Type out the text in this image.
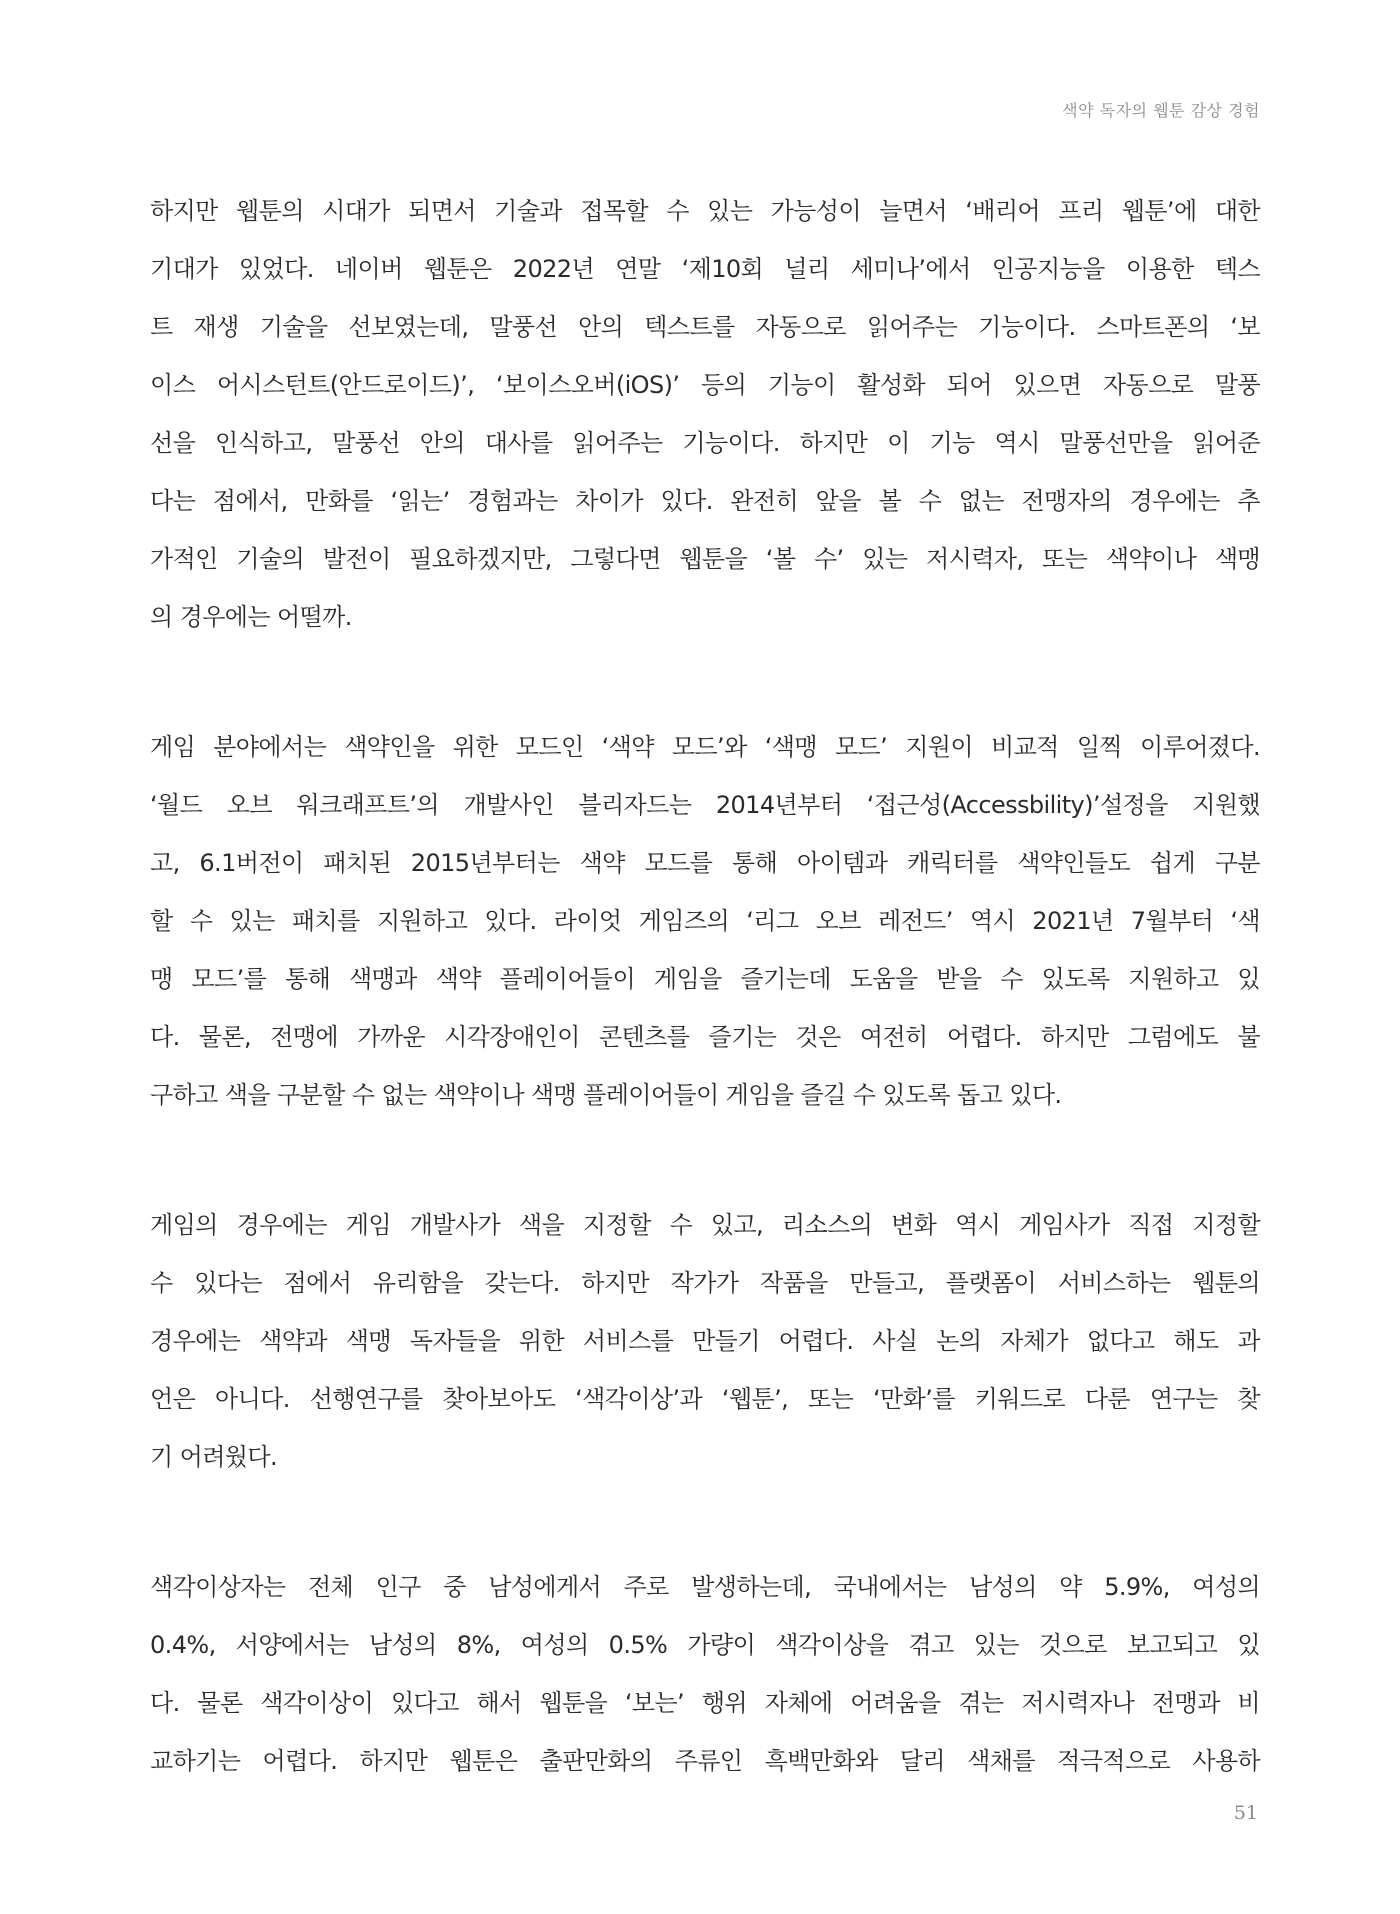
색약 독자의 웹툰 감상 경험
하지만 웹툰의 시대가 되면서 기술과 접목할 수 있는 가능성이 늘면서 ‘배리어 프리 웹툰’에 대한
기대가 있었다. 네이버 웹툰은 2022년 연말 ‘제10회 널리 세미나’에서 인공지능을 이용한 텍스
트 재생 기술을 선보였는데, 말풍선 안의 텍스트를 자동으로 읽어주는 기능이다. 스마트폰의 ‘보
이스 어시스턴트(안드로이드)’, ‘보이스오버(iOS)’ 등의 기능이 활성화 되어 있으면 자동으로 말풍
선을 인식하고, 말풍선 안의 대사를 읽어주는 기능이다. 하지만 이 기능 역시 말풍선만을 읽어준
다는 점에서, 만화를 ‘읽는’ 경험과는 차이가 있다. 완전히 앞을 볼 수 없는 전맹자의 경우에는 추
가적인 기술의 발전이 필요하겠지만, 그렇다면 웹툰을 ‘볼 수’ 있는 저시력자, 또는 색약이나 색맹
의 경우에는 어떨까.
게임 분야에서는 색약인을 위한 모드인 ‘색약 모드’와 ‘색맹 모드’ 지원이 비교적 일찍 이루어졌다.
‘월드 오브 워크래프트’의 개발사인 블리자드는 2014년부터 ‘접근성(Accessbility)’설정을 지원했
고, 6.1버전이 패치된 2015년부터는 색약 모드를 통해 아이템과 캐릭터를 색약인들도 쉽게 구분
할 수 있는 패치를 지원하고 있다. 라이엇 게임즈의 ‘리그 오브 레전드’ 역시 2021년 7월부터 ‘색
맹 모드’를 통해 색맹과 색약 플레이어들이 게임을 즐기는데 도움을 받을 수 있도록 지원하고 있
다. 물론, 전맹에 가까운 시각장애인이 콘텐츠를 즐기는 것은 여전히 어렵다. 하지만 그럼에도 불
구하고 색을 구분할 수 없는 색약이나 색맹 플레이어들이 게임을 즐길 수 있도록 돕고 있다.
게임의 경우에는 게임 개발사가 색을 지정할 수 있고, 리소스의 변화 역시 게임사가 직접 지정할
수 있다는 점에서 유리함을 갖는다. 하지만 작가가 작품을 만들고, 플랫폼이 서비스하는 웹툰의
경우에는 색약과 색맹 독자들을 위한 서비스를 만들기 어렵다. 사실 논의 자체가 없다고 해도 과
언은 아니다. 선행연구를 찾아보아도 ‘색각이상’과 ‘웹툰’, 또는 ‘만화’를 키워드로 다룬 연구는 찾
기 어려웠다.
색각이상자는 전체 인구 중 남성에게서 주로 발생하는데, 국내에서는 남성의 약 5.9%, 여성의
0.4%, 서양에서는 남성의 8%, 여성의 0.5% 가량이 색각이상을 겪고 있는 것으로 보고되고 있
다. 물론 색각이상이 있다고 해서 웹툰을 ‘보는’ 행위 자체에 어려움을 겪는 저시력자나 전맹과 비
교하기는 어렵다. 하지만 웹툰은 출판만화의 주류인 흑백만화와 달리 색채를 적극적으로 사용하
51
